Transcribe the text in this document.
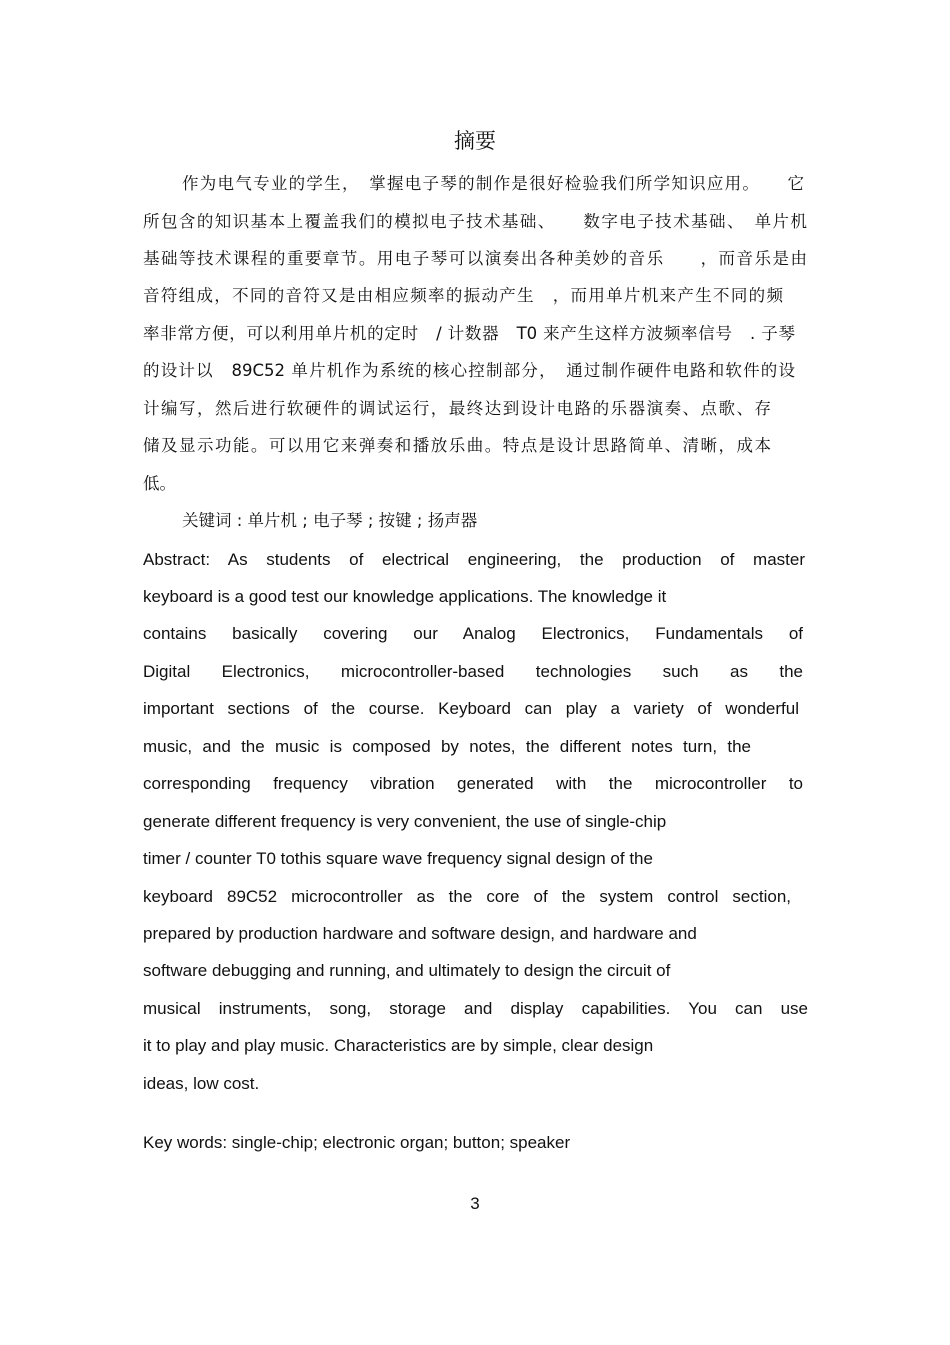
摘要
作为电气专业的学生，　掌握电子琴的制作是很好检验我们所学知识应用。　　它
所包含的知识基本上覆盖我们的模拟电子技术基础、　　数字电子技术基础、　单片机
基础等技术课程的重要章节。用电子琴可以演奏出各种美妙的音乐　　，而音乐是由
音符组成，不同的音符又是由相应频率的振动产生　，而用单片机来产生不同的频
率非常方便，可以利用单片机的定时　/ 计数器　T0 来产生这样方波频率信号　. 子琴
的设计以　89C52 单片机作为系统的核心控制部分，　通过制作硬件电路和软件的设
计编写，然后进行软硬件的调试运行，最终达到设计电路的乐器演奏、点歌、存
储及显示功能。可以用它来弹奏和播放乐曲。特点是设计思路简单、清晰，成本
低。
关键词 : 单片机 ; 电子琴 ; 按键 ; 扬声器
Abstract: As students of electrical engineering, the production of master
keyboard is a good test our knowledge applications. The knowledge it
contains basically covering our Analog Electronics, Fundamentals of
Digital Electronics, microcontroller-based technologies such as the
important sections of the course. Keyboard can play a variety of wonderful
music, and the music is composed by notes, the different notes turn, the
corresponding frequency vibration generated with the microcontroller to
generate different frequency is very convenient, the use of single-chip
timer / counter T0 tothis square wave frequency signal design of the
keyboard 89C52 microcontroller as the core of the system control section,
prepared by production hardware and software design, and hardware and
software debugging and running, and ultimately to design the circuit of
musical instruments, song, storage and display capabilities. You can use
it to play and play music. Characteristics are by simple, clear design
ideas, low cost.
Key words: single-chip; electronic organ; button; speaker
3
